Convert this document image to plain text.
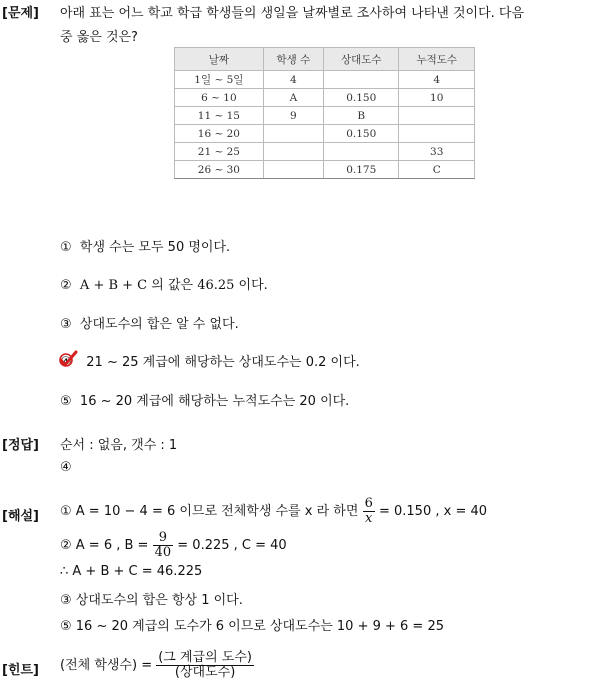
[문제] 아래 표는 어느 학교 학급 학생들의 생일을 날짜별로 조사하여 나타낸 것이다. 다음
중 옳은 것은?
날짜	학생 수	상대도수	누적도수
1일 ~ 5일	4		4
6 ~ 10	A	0.150	10
11 ~ 15	9	B	
16 ~ 20		0.150	
21 ~ 25			33
26 ~ 30		0.175	C
① 학생 수는 모두 50 명이다.
② A + B + C 의 값은 46.25 이다.
③ 상대도수의 합은 알 수 없다.
④ 21 ~ 25 계급에 해당하는 상대도수는 0.2 이다.
⑤ 16 ~ 20 계급에 해당하는 누적도수는 20 이다.
[정답] 순서 : 없음, 갯수 : 1
④
[해설] ① A = 10 − 4 = 6 이므로 전체학생 수를 x 라 하면 $\frac{6}{x} = 0.150$ , x = 40
② A = 6 , $B = \frac{9}{40} = 0.225$ , C = 40
∴ A + B + C = 46.225
③ 상대도수의 합은 항상 1 이다.
⑤ 16 ~ 20 계급의 도수가 6 이므로 상대도수는 10 + 9 + 6 = 25
[힌트] (전체 학생수) = $\frac{\text{(그 계급의 도수)}}{\text{(상대도수)}}$
